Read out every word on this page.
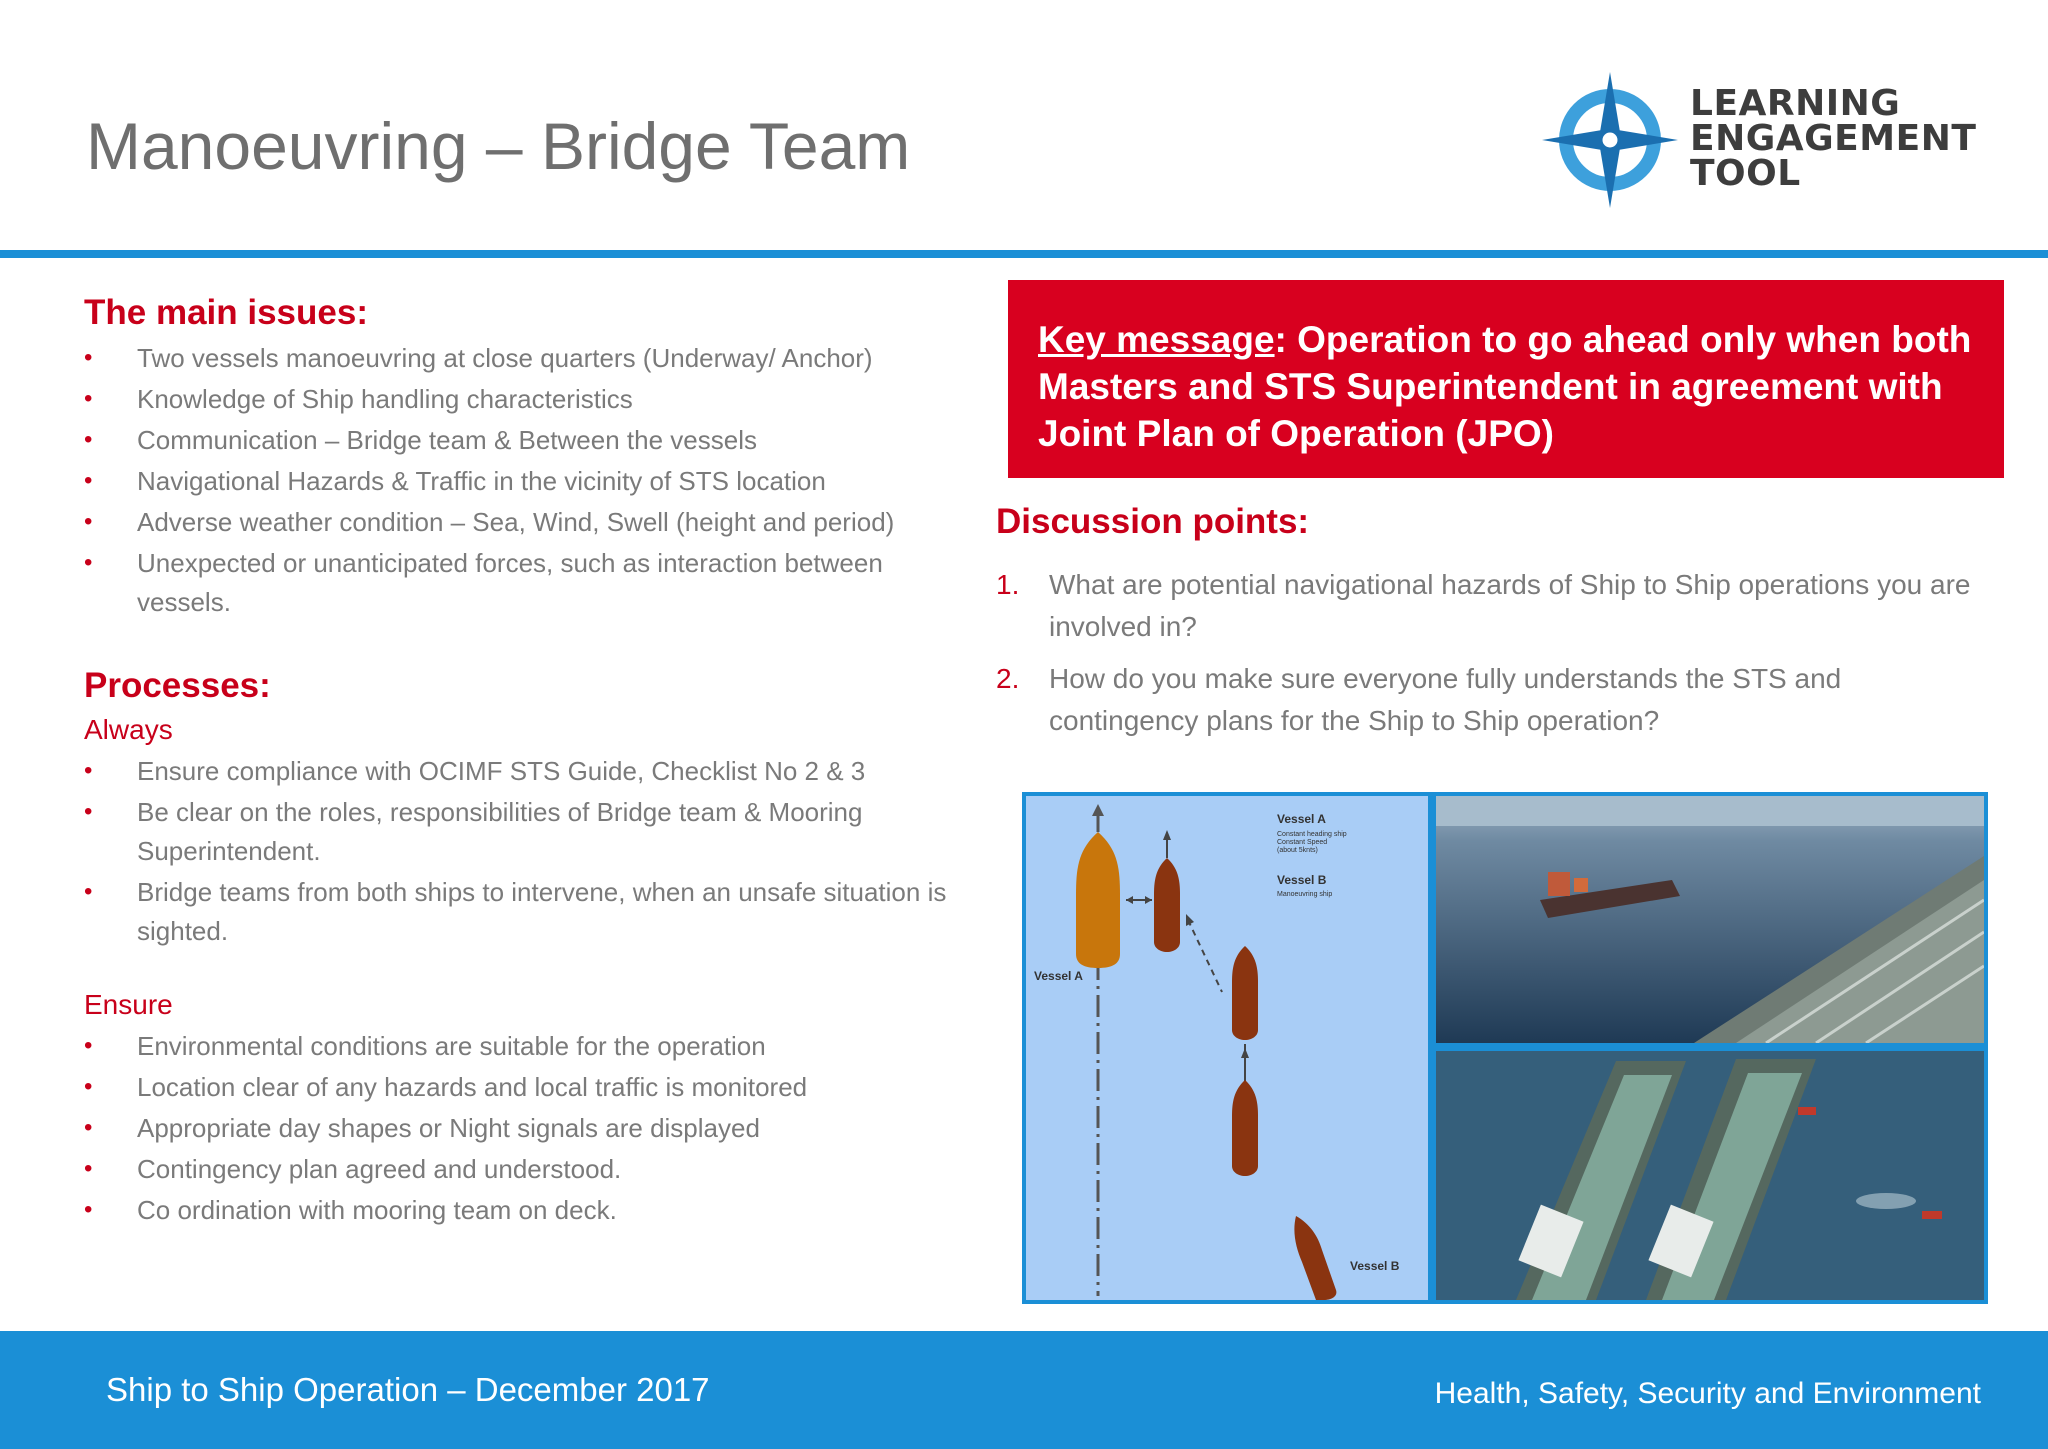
Manoeuvring – Bridge Team
LEARNING
ENGAGEMENT
TOOL
The main issues:
• Two vessels manoeuvring at close quarters (Underway/ Anchor)
• Knowledge of Ship handling characteristics
• Communication – Bridge team & Between the vessels
• Navigational Hazards & Traffic in the vicinity of STS location
• Adverse weather condition – Sea, Wind, Swell (height and period)
• Unexpected or unanticipated forces, such as interaction between vessels.
Processes:
Always
• Ensure compliance with OCIMF STS Guide, Checklist No 2 & 3
• Be clear on the roles, responsibilities of Bridge team & Mooring Superintendent.
• Bridge teams from both ships to intervene, when an unsafe situation is sighted.
Ensure
• Environmental conditions are suitable for the operation
• Location clear of any hazards and local traffic is monitored
• Appropriate day shapes or Night signals are displayed
• Contingency plan agreed and understood.
• Co ordination with mooring team on deck.

Key message: Operation to go ahead only when both Masters and STS Superintendent in agreement with Joint Plan of Operation (JPO)

Discussion points:
1. What are potential navigational hazards of Ship to Ship operations you are involved in?
2. How do you make sure everyone fully understands the STS and contingency plans for the Ship to Ship operation?
Vessel A
Constant heading ship
Constant Speed
(about 5knts)
Vessel B
Manoeuvring ship
Vessel A
Vessel B
Ship to Ship Operation – December 2017	Health, Safety, Security and Environment
